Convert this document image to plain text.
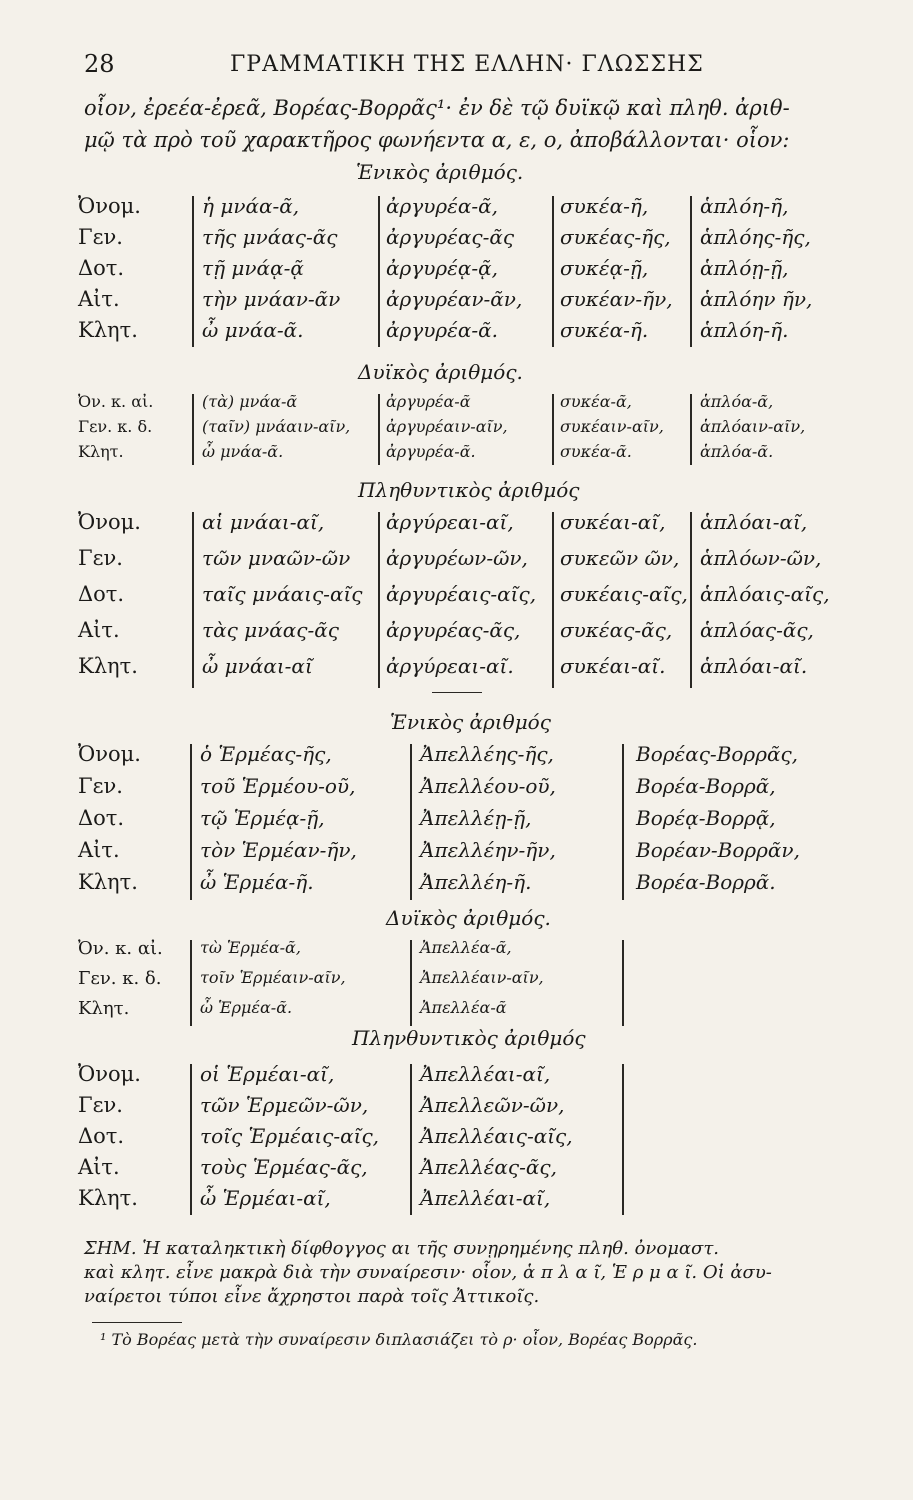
28	ΓΡΑΜΜΑΤΙΚΗ ΤΗΣ ΕΛΛΗΝ· ΓΛΩΣΣΗΣ
οἷον, ἐρεέα-ἐρεᾶ, Βορέας-Βορρᾶς¹· ἐν δὲ τῷ δυϊκῷ καὶ πληθ. ἀριθ-
μῷ τὰ πρὸ τοῦ χαρακτῆρος φωνήεντα α, ε, ο, ἀποβάλλονται· οἷον:
Ἑνικὸς ἀριθμός.
Ὀνομ.
Γεν.
Δοτ.
Αἰτ.
Κλητ.
ἡ μνάα-ᾶ,
τῆς μνάας-ᾶς
τῇ μνάᾳ-ᾷ
τὴν μνάαν-ᾶν
ὦ μνάα-ᾶ.
ἀργυρέα-ᾶ,
ἀργυρέας-ᾶς
ἀργυρέᾳ-ᾷ,
ἀργυρέαν-ᾶν,
ἀργυρέα-ᾶ.
συκέα-ῆ,
συκέας-ῆς,
συκέᾳ-ῇ,
συκέαν-ῆν,
συκέα-ῆ.
ἁπλόη-ῆ,
ἁπλόης-ῆς,
ἁπλόῃ-ῇ,
ἁπλόην ῆν,
ἁπλόη-ῆ.
Δυϊκὸς ἀριθμός.
Ὀν. κ. αἰ.
Γεν. κ. δ.
Κλητ.
(τὰ) μνάα-ᾶ
(ταῖν) μνάαιν-αῖν,
ὦ μνάα-ᾶ.
ἀργυρέα-ᾶ
ἀργυρέαιν-αῖν,
ἀργυρέα-ᾶ.
συκέα-ᾶ,
συκέαιν-αῖν,
συκέα-ᾶ.
ἁπλόα-ᾶ,
ἁπλόαιν-αῖν,
ἁπλόα-ᾶ.
Πληθυντικὸς ἀριθμός
Ὀνομ.
Γεν.
Δοτ.
Αἰτ.
Κλητ.
αἱ μνάαι-αῖ,
τῶν μναῶν-ῶν
ταῖς μνάαις-αῖς
τὰς μνάας-ᾶς
ὦ μνάαι-αῖ
ἀργύρεαι-αῖ,
ἀργυρέων-ῶν,
ἀργυρέαις-αῖς,
ἀργυρέας-ᾶς,
ἀργύρεαι-αῖ.
συκέαι-αῖ,
συκεῶν ῶν,
συκέαις-αῖς,
συκέας-ᾶς,
συκέαι-αῖ.
ἁπλόαι-αῖ,
ἁπλόων-ῶν,
ἁπλόαις-αῖς,
ἁπλόας-ᾶς,
ἁπλόαι-αῖ.
Ἑνικὸς ἀριθμός
Ὀνομ.
Γεν.
Δοτ.
Αἰτ.
Κλητ.
ὁ Ἑρμέας-ῆς,
τοῦ Ἑρμέου-οῦ,
τῷ Ἑρμέᾳ-ῇ,
τὸν Ἑρμέαν-ῆν,
ὦ Ἑρμέα-ῆ.
Ἀπελλέης-ῆς,
Ἀπελλέου-οῦ,
Ἀπελλέῃ-ῇ,
Ἀπελλέην-ῆν,
Ἀπελλέη-ῆ.
Βορέας-Βορρᾶς,
Βορέα-Βορρᾶ,
Βορέᾳ-Βορρᾷ,
Βορέαν-Βορρᾶν,
Βορέα-Βορρᾶ.
Δυϊκὸς ἀριθμός.
Ὀν. κ. αἰ.
Γεν. κ. δ.
Κλητ.
τὼ Ἑρμέα-ᾶ,
τοῖν Ἑρμέαιν-αῖν,
ὦ Ἑρμέα-ᾶ.
Ἀπελλέα-ᾶ,
Ἀπελλέαιν-αῖν,
Ἀπελλέα-ᾶ
Πληνθυντικὸς ἀριθμός
Ὀνομ.
Γεν.
Δοτ.
Αἰτ.
Κλητ.
οἱ Ἑρμέαι-αῖ,
τῶν Ἑρμεῶν-ῶν,
τοῖς Ἑρμέαις-αῖς,
τοὺς Ἑρμέας-ᾶς,
ὦ Ἑρμέαι-αῖ,
Ἀπελλέαι-αῖ,
Ἀπελλεῶν-ῶν,
Ἀπελλέαις-αῖς,
Ἀπελλέας-ᾶς,
Ἀπελλέαι-αῖ,
ΣΗΜ. Ἡ καταληκτικὴ δίφθογγος αι τῆς συνῃρημένης πληθ. ὀνομαστ.
καὶ κλητ. εἶνε μακρὰ διὰ τὴν συναίρεσιν· οἷον, ἁ π λ α ῖ, Ἑ ρ μ α ῖ. Οἱ ἀσυ-
ναίρετοι τύποι εἶνε ἄχρηστοι παρὰ τοῖς Ἀττικοῖς.
¹ Τὸ Βορέας μετὰ τὴν συναίρεσιν διπλασιάζει τὸ ρ· οἷον, Βορέας Βορρᾶς.
